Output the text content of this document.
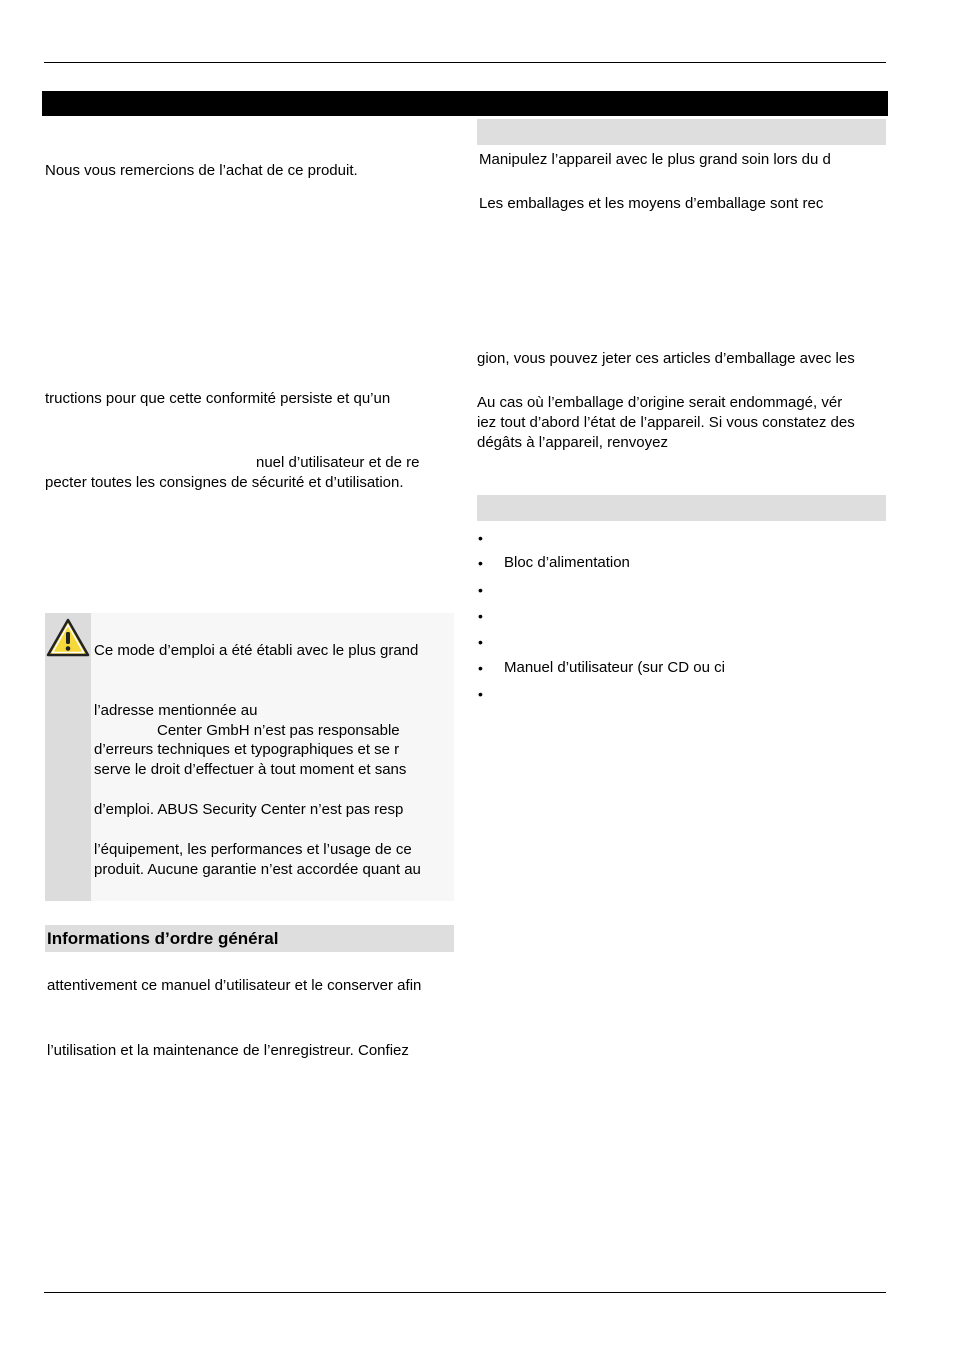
Nous vous remercions de l’achat de ce produit.
tructions pour que cette conformité persiste et qu’un
nuel d’utilisateur et de re
pecter toutes les consignes de sécurité et d’utilisation.
Ce mode d’emploi a été établi avec le plus grand
l’adresse mentionnée au
Center GmbH n’est pas responsable
d’erreurs techniques et typographiques et se r
serve le droit d’effectuer à tout moment et sans
d’emploi. ABUS Security Center n’est pas resp
l’équipement, les performances et l’usage de ce
produit. Aucune garantie n’est accordée quant au
Informations d’ordre général
attentivement ce manuel d’utilisateur et le conserver afin
l’utilisation et la maintenance de l’enregistreur. Confiez
Manipulez l’appareil avec le plus grand soin lors du d
Les emballages et les moyens d’emballage sont rec
gion, vous pouvez jeter ces articles d’emballage avec les
Au cas où l’emballage d’origine serait endommagé, vér
iez tout d’abord l’état de l’appareil. Si vous constatez des
dégâts à l’appareil, renvoyez
•
• Bloc d’alimentation
•
•
•
• Manuel d’utilisateur (sur CD ou ci
•
